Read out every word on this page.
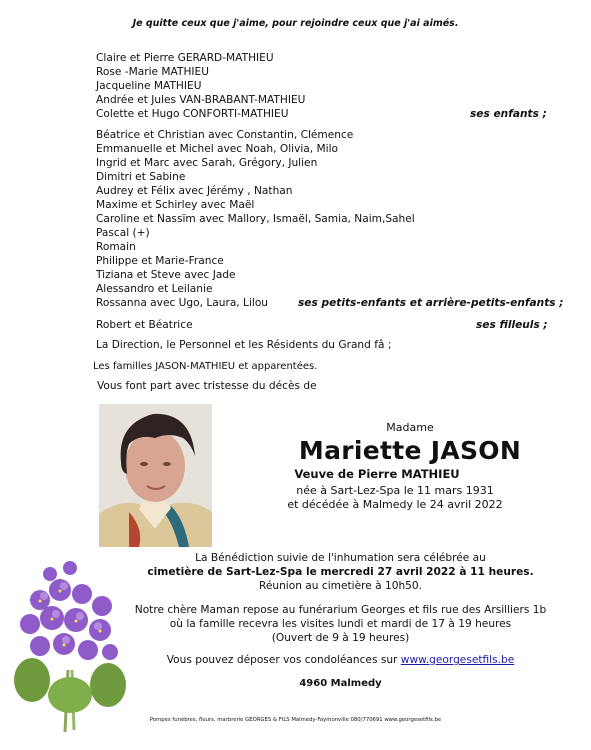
Je quitte ceux que j'aime, pour rejoindre ceux que j'ai aimés.
Claire et Pierre GERARD-MATHIEU
Rose -Marie MATHIEU
Jacqueline MATHIEU
Andrée et Jules VAN-BRABANT-MATHIEU
Colette et Hugo CONFORTI-MATHIEU	ses enfants ;
Béatrice et Christian avec Constantin, Clémence
Emmanuelle et Michel avec Noah, Olivia, Milo
Ingrid et Marc avec Sarah, Grégory, Julien
Dimitri et Sabine
Audrey et Félix avec Jérémy , Nathan
Maxime et Schirley avec Maël
Caroline et Nassïm avec Mallory, Ismaël, Samia, Naim,Sahel
Pascal (+)
Romain
Philippe et Marie-France
Tiziana et Steve avec Jade
Alessandro et Leilanie
Rossanna avec Ugo, Laura, Lilou	ses petits-enfants et arrière-petits-enfants ;
Robert et Béatrice	ses filleuls ;
La Direction, le Personnel et les Résidents du Grand fâ ;
Les familles JASON-MATHIEU et apparentées.
Vous font part avec tristesse du décès de
Madame
Mariette JASON
Veuve de Pierre MATHIEU
née à Sart-Lez-Spa le 11 mars 1931
et décédée à Malmedy le 24 avril 2022
La Bénédiction suivie de l'inhumation sera célébrée au
cimetière de Sart-Lez-Spa le mercredi 27 avril 2022 à 11 heures.
Réunion au cimetière à 10h50.
Notre chère Maman repose au funérarium Georges et fils rue des Arsilliers 1b
où la famille recevra les visites lundi et mardi de 17 à 19 heures
(Ouvert de 9 à 19 heures)
Vous pouvez déposer vos condoléances sur www.georgesetfils.be
4960 Malmedy
Pompes funèbres, fleurs, marbrerie GEORGES & FILS Malmedy-Faymonville 080/770691 www.georgesetfils.be
